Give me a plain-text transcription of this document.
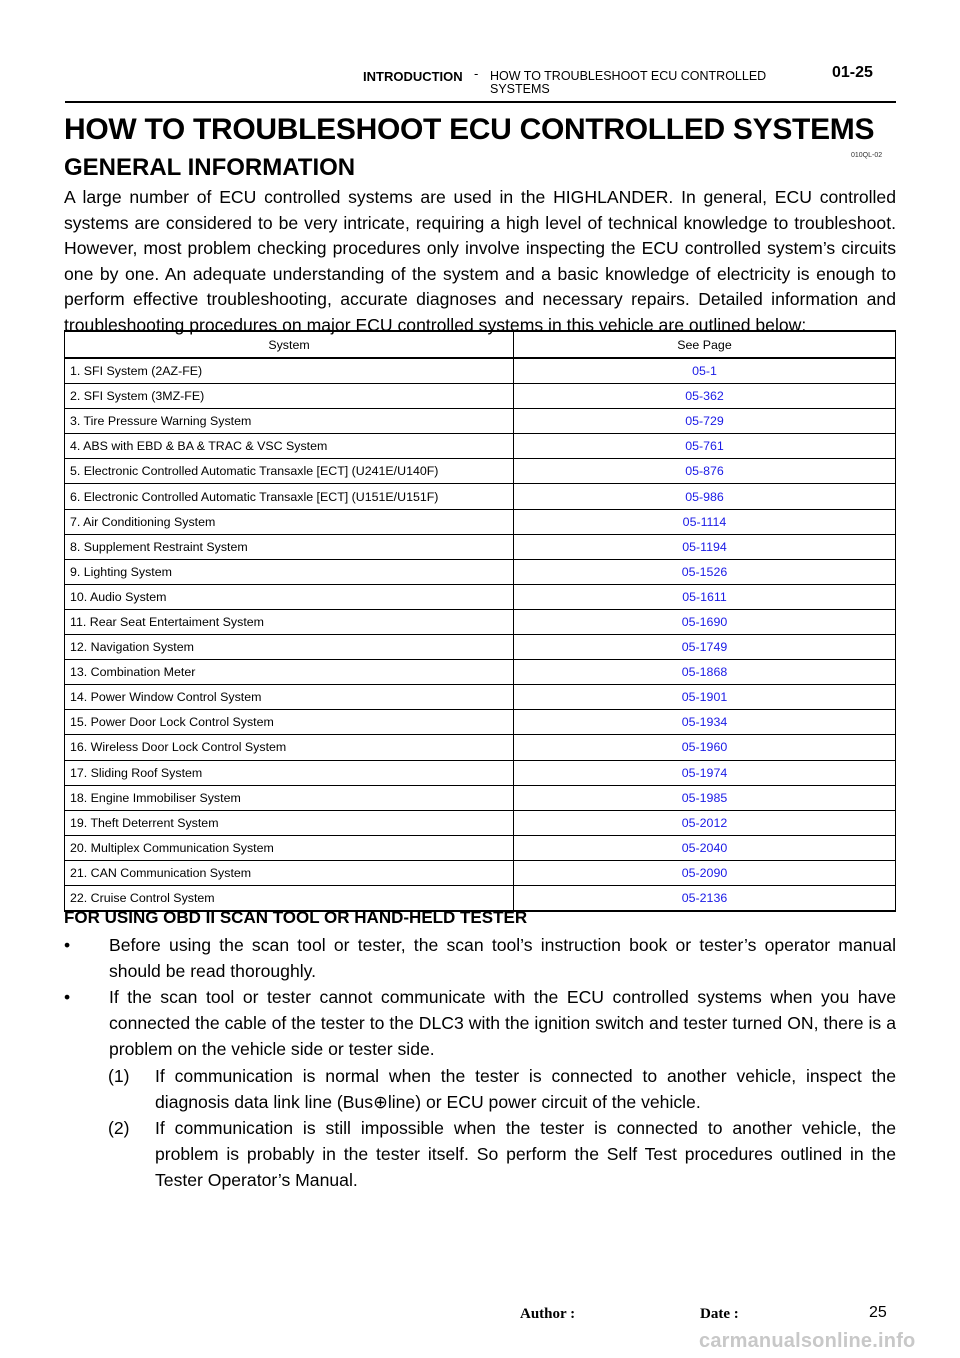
INTRODUCTION - HOW TO TROUBLESHOOT ECU CONTROLLED SYSTEMS
01-25
HOW TO TROUBLESHOOT ECU CONTROLLED SYSTEMS
010QL-02
GENERAL INFORMATION
A large number of ECU controlled systems are used in the HIGHLANDER. In general, ECU controlled systems are considered to be very intricate, requiring a high level of technical knowledge to troubleshoot. However, most problem checking procedures only involve inspecting the ECU controlled system’s circuits one by one. An adequate understanding of the system and a basic knowledge of electricity is enough to perform effective troubleshooting, accurate diagnoses and necessary repairs. Detailed information and troubleshooting procedures on major ECU controlled systems in this vehicle are outlined below:
System	See Page
1. SFI System (2AZ-FE)	05-1
2. SFI System (3MZ-FE)	05-362
3. Tire Pressure Warning System	05-729
4. ABS with EBD & BA & TRAC & VSC System	05-761
5. Electronic Controlled Automatic Transaxle [ECT] (U241E/U140F)	05-876
6. Electronic Controlled Automatic Transaxle [ECT] (U151E/U151F)	05-986
7. Air Conditioning System	05-1114
8. Supplement Restraint System	05-1194
9. Lighting System	05-1526
10. Audio System	05-1611
11. Rear Seat Entertaiment System	05-1690
12. Navigation System	05-1749
13. Combination Meter	05-1868
14. Power Window Control System	05-1901
15. Power Door Lock Control System	05-1934
16. Wireless Door Lock Control System	05-1960
17. Sliding Roof System	05-1974
18. Engine Immobiliser System	05-1985
19. Theft Deterrent System	05-2012
20. Multiplex Communication System	05-2040
21. CAN Communication System	05-2090
22. Cruise Control System	05-2136
FOR USING OBD II SCAN TOOL OR HAND-HELD TESTER
•	Before using the scan tool or tester, the scan tool’s instruction book or tester’s operator manual should be read thoroughly.
•	If the scan tool or tester cannot communicate with the ECU controlled systems when you have connected the cable of the tester to the DLC3 with the ignition switch and tester turned ON, there is a problem on the vehicle side or tester side.
(1) If communication is normal when the tester is connected to another vehicle, inspect the diagnosis data link line (Bus⊕line) or ECU power circuit of the vehicle.
(2) If communication is still impossible when the tester is connected to another vehicle, the problem is probably in the tester itself. So perform the Self Test procedures outlined in the Tester Operator’s Manual.
Author :	Date :	25
carmanualsonline.info
